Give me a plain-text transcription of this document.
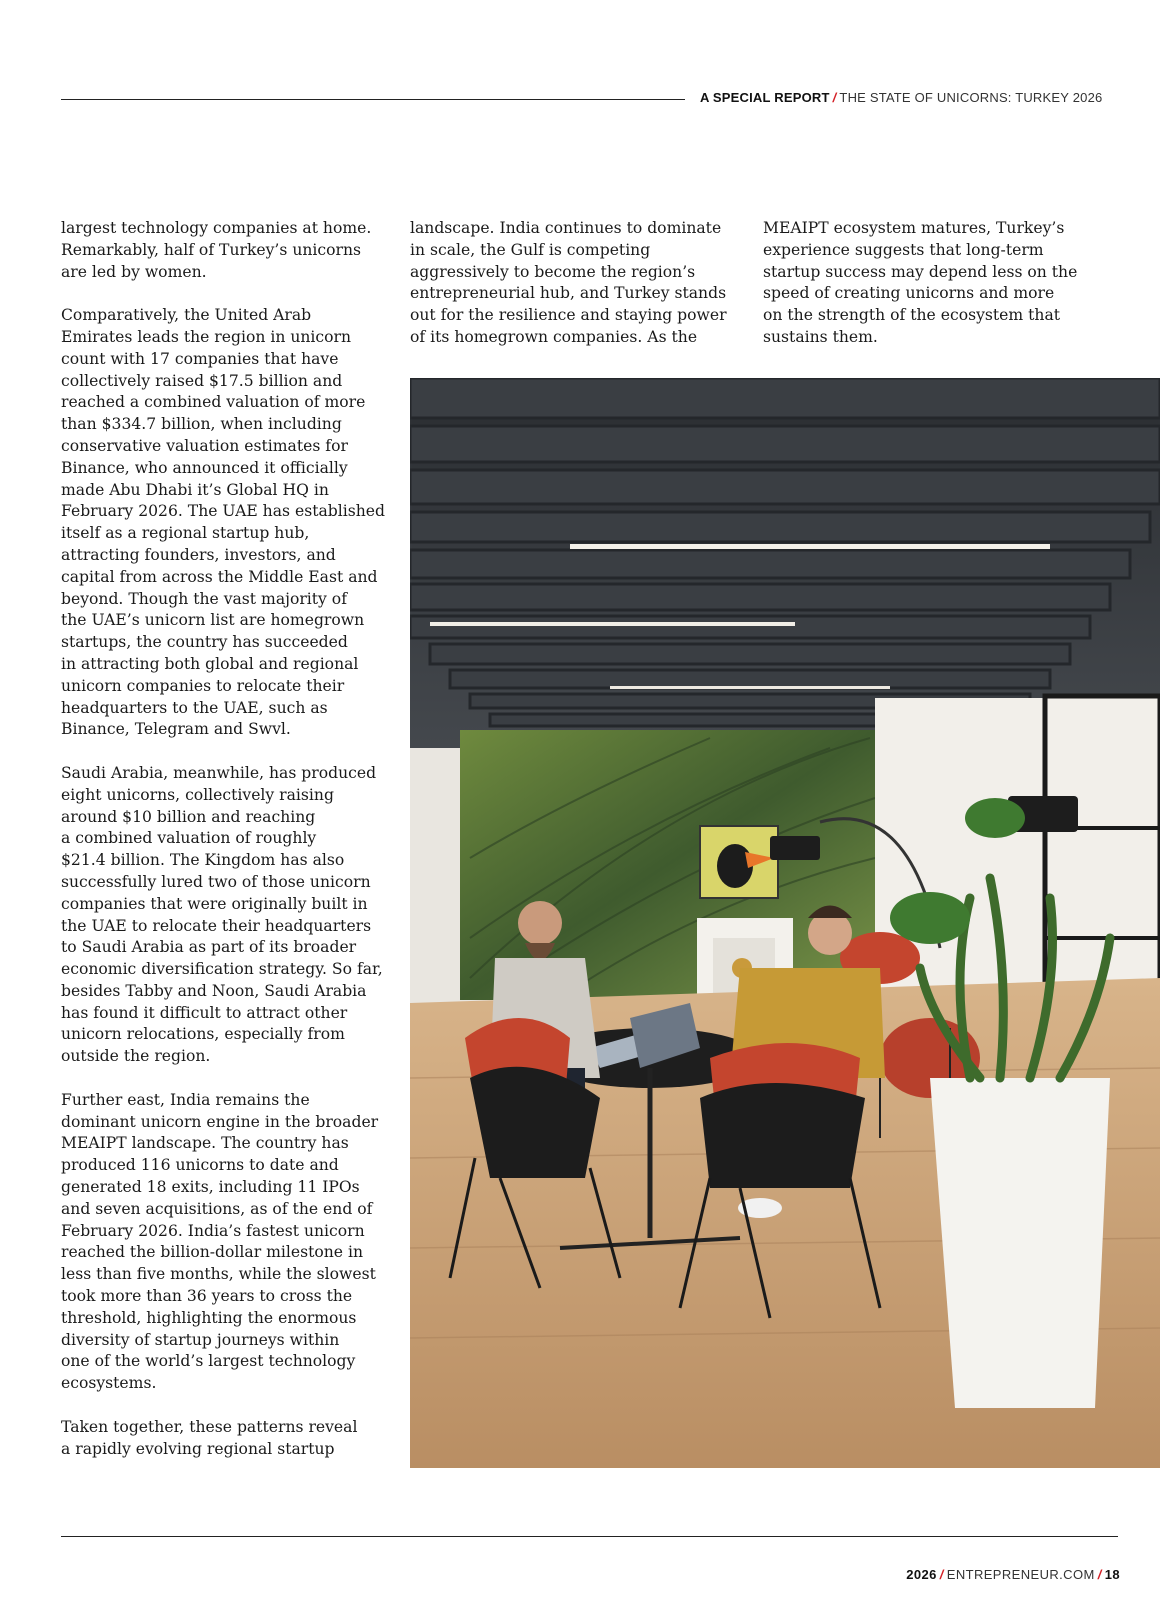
A SPECIAL REPORT / THE STATE OF UNICORNS: TURKEY 2026

largest technology companies at home.
Remarkably, half of Turkey’s unicorns
are led by women.

Comparatively, the United Arab
Emirates leads the region in unicorn
count with 17 companies that have
collectively raised $17.5 billion and
reached a combined valuation of more
than $334.7 billion, when including
conservative valuation estimates for
Binance, who announced it officially
made Abu Dhabi it’s Global HQ in
February 2026. The UAE has established
itself as a regional startup hub,
attracting founders, investors, and
capital from across the Middle East and
beyond. Though the vast majority of
the UAE’s unicorn list are homegrown
startups, the country has succeeded
in attracting both global and regional
unicorn companies to relocate their
headquarters to the UAE, such as
Binance, Telegram and Swvl.

Saudi Arabia, meanwhile, has produced
eight unicorns, collectively raising
around $10 billion and reaching
a combined valuation of roughly
$21.4 billion. The Kingdom has also
successfully lured two of those unicorn
companies that were originally built in
the UAE to relocate their headquarters
to Saudi Arabia as part of its broader
economic diversification strategy. So far,
besides Tabby and Noon, Saudi Arabia
has found it difficult to attract other
unicorn relocations, especially from
outside the region.

Further east, India remains the
dominant unicorn engine in the broader
MEAIPT landscape. The country has
produced 116 unicorns to date and
generated 18 exits, including 11 IPOs
and seven acquisitions, as of the end of
February 2026. India’s fastest unicorn
reached the billion-dollar milestone in
less than five months, while the slowest
took more than 36 years to cross the
threshold, highlighting the enormous
diversity of startup journeys within
one of the world’s largest technology
ecosystems.

Taken together, these patterns reveal
a rapidly evolving regional startup

landscape. India continues to dominate
in scale, the Gulf is competing
aggressively to become the region’s
entrepreneurial hub, and Turkey stands
out for the resilience and staying power
of its homegrown companies. As the

MEAIPT ecosystem matures, Turkey’s
experience suggests that long-term
startup success may depend less on the
speed of creating unicorns and more
on the strength of the ecosystem that
sustains them.

2026 / ENTREPRENEUR.COM / 18
